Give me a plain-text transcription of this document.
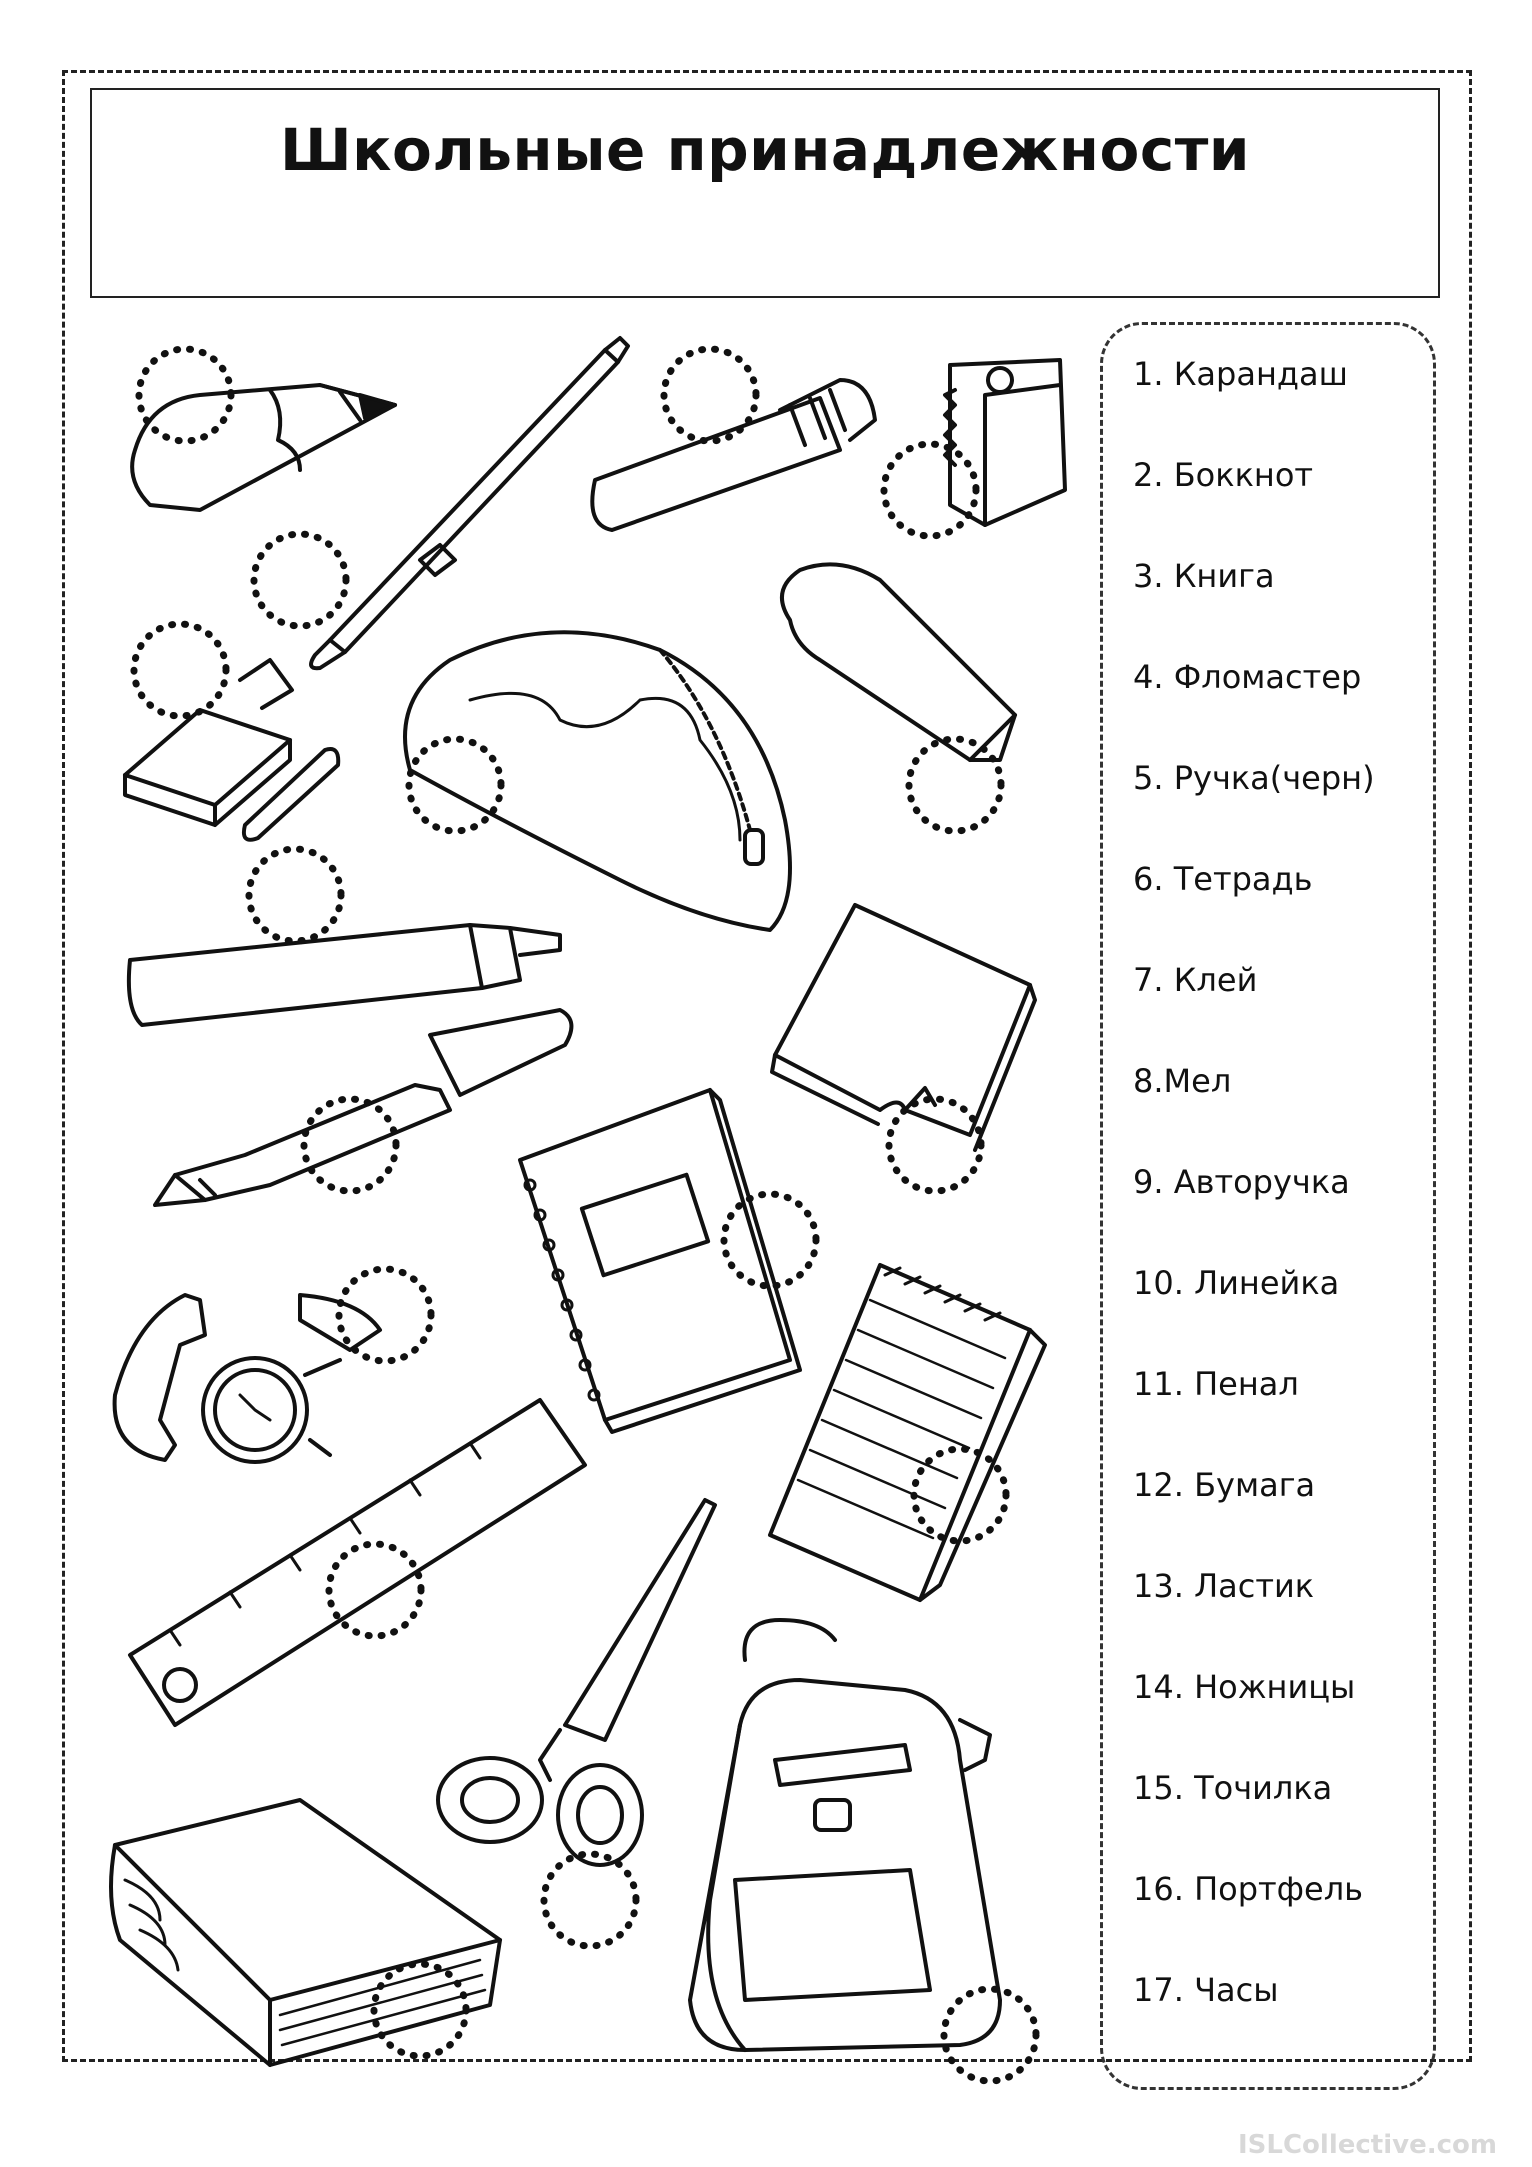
Школьные принадлежности
1. Карандаш
2. Боккнот
3. Книга
4. Фломастер
5. Ручка(черн)
6. Тетрадь
7. Клей
8.Мел
9. Авторучка
10. Линейка
11. Пенал
12. Бумага
13. Ластик
14. Ножницы
15. Точилка
16. Портфель
17. Часы
ISLCollective.com
